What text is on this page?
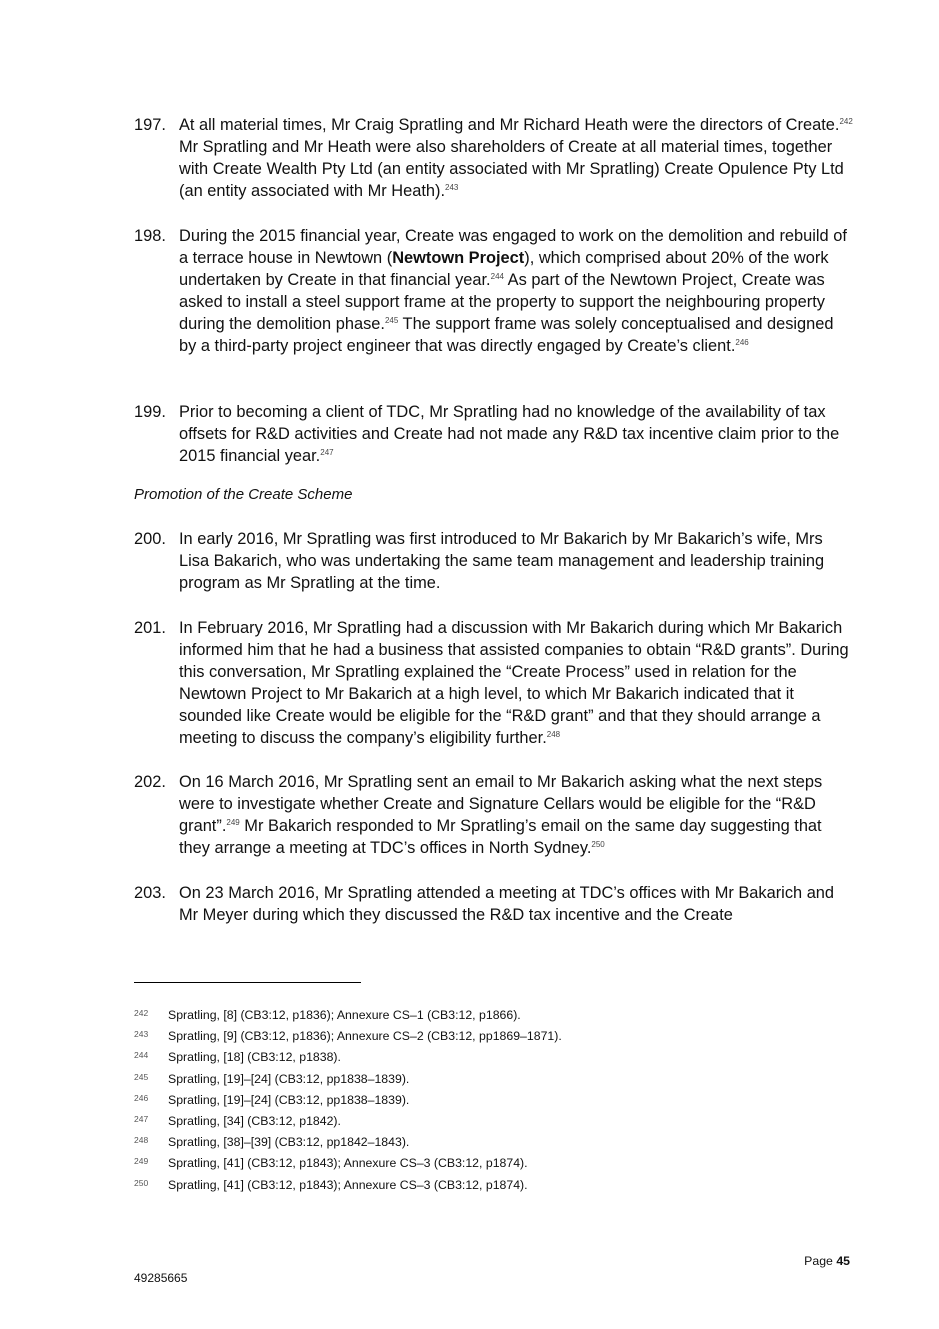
197. At all material times, Mr Craig Spratling and Mr Richard Heath were the directors of Create.$^{242}$ Mr Spratling and Mr Heath were also shareholders of Create at all material times, together with Create Wealth Pty Ltd (an entity associated with Mr Spratling) Create Opulence Pty Ltd (an entity associated with Mr Heath).$^{243}$
198. During the 2015 financial year, Create was engaged to work on the demolition and rebuild of a terrace house in Newtown (Newtown Project), which comprised about 20% of the work undertaken by Create in that financial year.$^{244}$ As part of the Newtown Project, Create was asked to install a steel support frame at the property to support the neighbouring property during the demolition phase.$^{245}$ The support frame was solely conceptualised and designed by a third-party project engineer that was directly engaged by Create’s client.$^{246}$
199. Prior to becoming a client of TDC, Mr Spratling had no knowledge of the availability of tax offsets for R&D activities and Create had not made any R&D tax incentive claim prior to the 2015 financial year.$^{247}$
Promotion of the Create Scheme
200. In early 2016, Mr Spratling was first introduced to Mr Bakarich by Mr Bakarich’s wife, Mrs Lisa Bakarich, who was undertaking the same team management and leadership training program as Mr Spratling at the time.
201. In February 2016, Mr Spratling had a discussion with Mr Bakarich during which Mr Bakarich informed him that he had a business that assisted companies to obtain “R&D grants”. During this conversation, Mr Spratling explained the “Create Process” used in relation for the Newtown Project to Mr Bakarich at a high level, to which Mr Bakarich indicated that it sounded like Create would be eligible for the “R&D grant” and that they should arrange a meeting to discuss the company’s eligibility further.$^{248}$
202. On 16 March 2016, Mr Spratling sent an email to Mr Bakarich asking what the next steps were to investigate whether Create and Signature Cellars would be eligible for the “R&D grant”.$^{249}$ Mr Bakarich responded to Mr Spratling’s email on the same day suggesting that they arrange a meeting at TDC’s offices in North Sydney.$^{250}$
203. On 23 March 2016, Mr Spratling attended a meeting at TDC’s offices with Mr Bakarich and Mr Meyer during which they discussed the R&D tax incentive and the Create
242 Spratling, [8] (CB3:12, p1836); Annexure CS–1 (CB3:12, p1866).
243 Spratling, [9] (CB3:12, p1836); Annexure CS–2 (CB3:12, pp1869–1871).
244 Spratling, [18] (CB3:12, p1838).
245 Spratling, [19]–[24] (CB3:12, pp1838–1839).
246 Spratling, [19]–[24] (CB3:12, pp1838–1839).
247 Spratling, [34] (CB3:12, p1842).
248 Spratling, [38]–[39] (CB3:12, pp1842–1843).
249 Spratling, [41] (CB3:12, p1843); Annexure CS–3 (CB3:12, p1874).
250 Spratling, [41] (CB3:12, p1843); Annexure CS–3 (CB3:12, p1874).
Page 45
49285665
